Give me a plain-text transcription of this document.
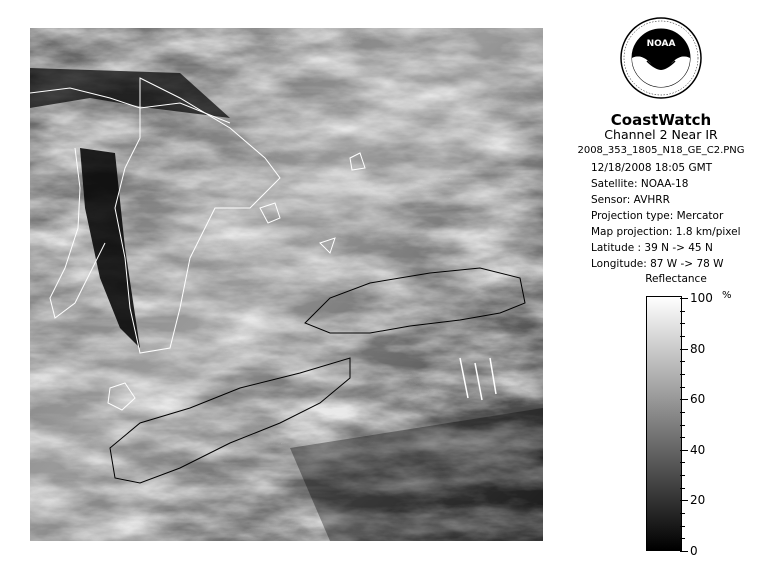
NOAA
CoastWatch
Channel 2 Near IR
2008_353_1805_N18_GE_C2.PNG
12/18/2008 18:05 GMT
Satellite: NOAA-18
Sensor: AVHRR
Projection type: Mercator
Map projection: 1.8 km/pixel
Latitude : 39 N -> 45 N
Longitude: 87 W -> 78 W
Reflectance
%
100
80
60
40
20
0
